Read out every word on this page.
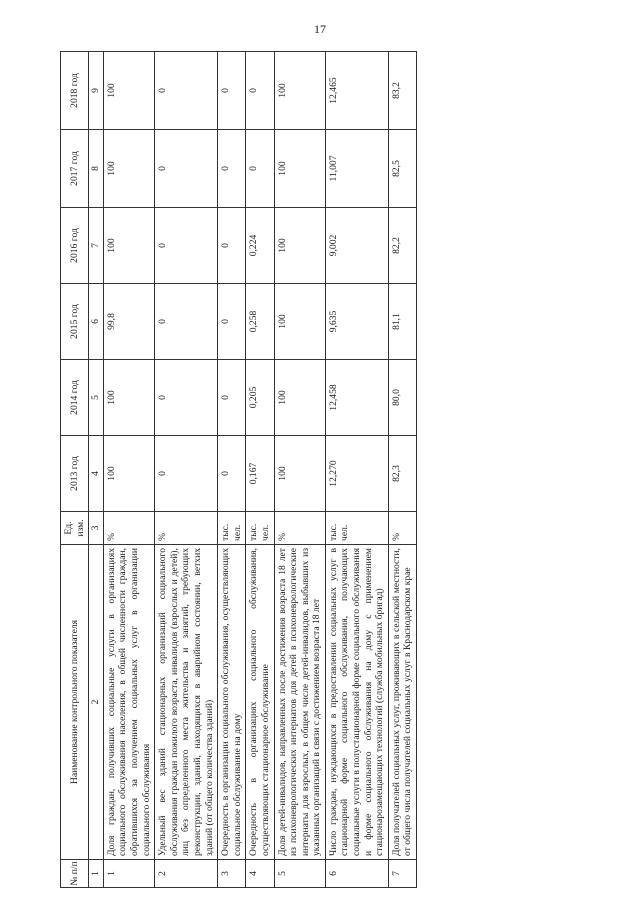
17
№ п/п	Наименование контрольного показателя	Ед. изм.	2013 год	2014 год	2015 год	2016 год	2017 год	2018 год
1	2	3	4	5	6	7	8	9
1	Доля граждан, получивших социальные услуги в организациях социального обслуживания населения, в общей численности граждан, обратившихся за получением социальных услуг в организации социального обслуживания	%	100	100	99,8	100	100	100
2	Удельный вес зданий стационарных организаций социального обслуживания граждан пожилого возраста, инвалидов (взрослых и детей), лиц без определенного места жительства и занятий, требующих реконструкции, зданий, находящихся в аварийном состоянии, ветхих зданий (от общего количества зданий)	%	0	0	0	0	0	0
3	Очередность в организации социального обслуживания, осуществляющих социальное обслуживание на дому	тыс. чел.	0	0	0	0	0	0
4	Очередность в организациях социального обслуживания, осуществляющих стационарное обслуживание	тыс. чел.	0,167	0,205	0,258	0,224	0	0
5	Доля детей-инвалидов, направленных после достижения возраста 18 лет из психоневрологических интернатов для детей в психоневрологические интернаты для взрослых, в общем числе детей-инвалидов, выбывших из указанных организаций в связи с достижением возраста 18 лет	%	100	100	100	100	100	100
6	Число граждан, нуждающихся в предоставлении социальных услуг в стационарной форме социального обслуживания, получающих социальные услуги в полустационарной форме социального обслуживания и форме социального обслуживания на дому с применением стационарозамещающих технологий (служба мобильных бригад)	тыс. чел.	12,270	12,458	9,635	9,002	11,007	12,465
7	Доля получателей социальных услуг, проживающих в сельской местности, от общего числа получателей социальных услуг в Краснодарском крае	%	82,3	80,0	81,1	82,2	82,5	83,2
